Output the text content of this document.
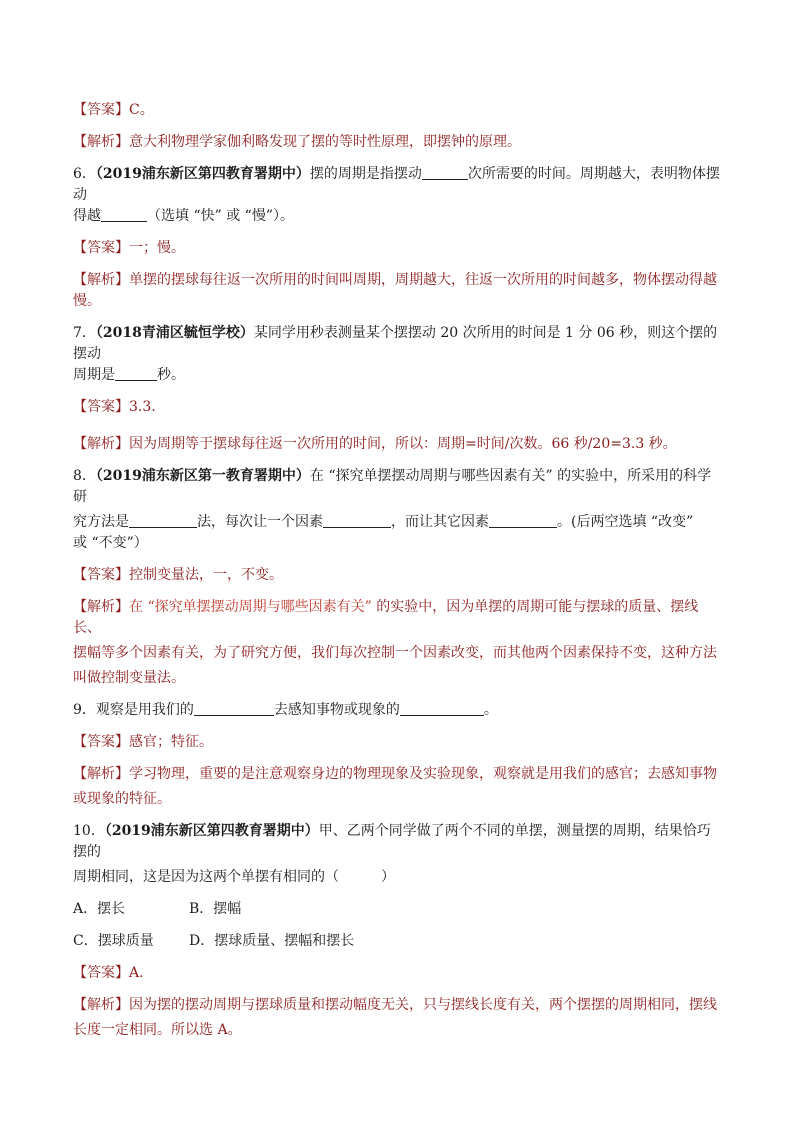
【答案】C。

【解析】意大利物理学家伽利略发现了摆的等时性原理，即摆钟的原理。

6．（2019浦东新区第四教育署期中）摆的周期是指摆动	次所需要的时间。周期越大，表明物体摆动

得越	（选填 “快” 或 “慢”）。

【答案】一；慢。

【解析】单摆的摆球每往返一次所用的时间叫周期，周期越大，往返一次所用的时间越多，物体摆动得越

慢。

7．（2018青浦区毓恒学校）某同学用秒表测量某个摆摆动 20 次所用的时间是 1 分 06 秒，则这个摆的摆动

周期是	秒。

【答案】3.3.

【解析】因为周期等于摆球每往返一次所用的时间，所以：周期=时间/次数。66 秒/20=3.3 秒。

8．（2019浦东新区第一教育署期中）在 “探究单摆摆动周期与哪些因素有关” 的实验中，所采用的科学研

究方法是	法，每次让一个因素	，而让其它因素	。(后两空选填 “改变”

或 “不变”）

【答案】控制变量法，一，不变。

【解析】在 “探究单摆摆动周期与哪些因素有关” 的实验中，因为单摆的周期可能与摆球的质量、摆线长、

摆幅等多个因素有关，为了研究方便，我们每次控制一个因素改变，而其他两个因素保持不变，这种方法

叫做控制变量法。

9．观察是用我们的	去感知事物或现象的	。

【答案】感官；特征。

【解析】学习物理，重要的是注意观察身边的物理现象及实验现象，观察就是用我们的感官；去感知事物

或现象的特征。

10．（2019浦东新区第四教育署期中）甲、乙两个同学做了两个不同的单摆，测量摆的周期，结果恰巧摆的

周期相同，这是因为这两个单摆有相同的（　　　）

A．摆长	B．摆幅
C．摆球质量	D．摆球质量、摆幅和摆长

【答案】A.

【解析】因为摆的摆动周期与摆球质量和摆动幅度无关，只与摆线长度有关，两个摆摆的周期相同，摆线

长度一定相同。所以选 A。
